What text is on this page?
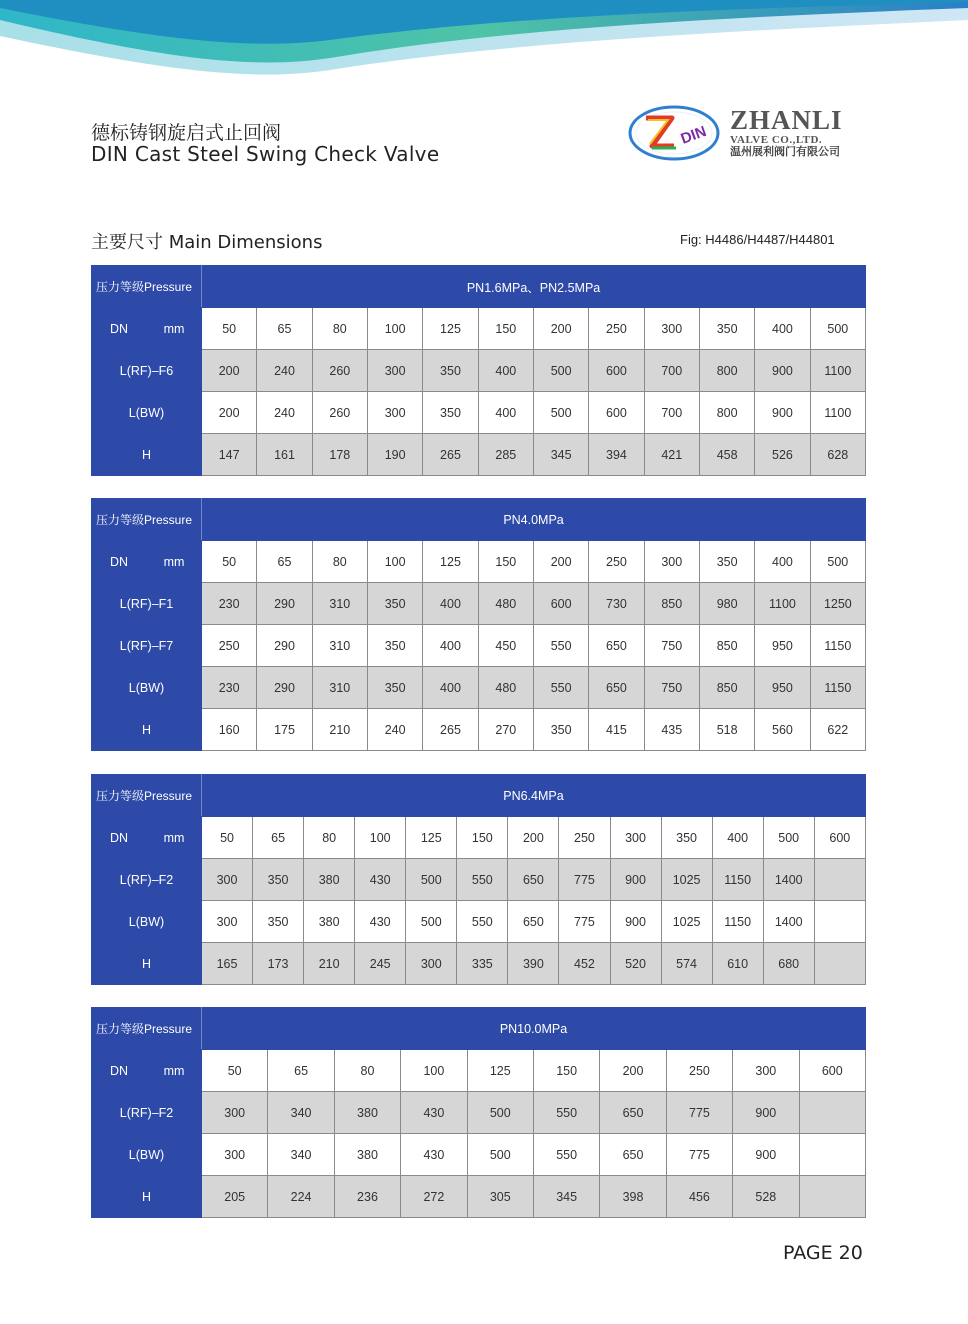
德标铸钢旋启式止回阀
DIN Cast Steel Swing Check Valve
DIN
ZHANLI
VALVE CO.,LTD.
温州展利阀门有限公司
主要尺寸 Main Dimensions	Fig: H4486/H4487/H44801
压力等级Pressure		PN1.6MPa、PN2.5MPa											
DN	mm	50	65	80	100	125	150	200	250	300	350	400	500
L(RF)–F6		200	240	260	300	350	400	500	600	700	800	900	1100
L(BW)		200	240	260	300	350	400	500	600	700	800	900	1100
H		147	161	178	190	265	285	345	394	421	458	526	628
压力等级Pressure		PN4.0MPa											
DN	mm	50	65	80	100	125	150	200	250	300	350	400	500
L(RF)–F1		230	290	310	350	400	480	600	730	850	980	1100	1250
L(RF)–F7		250	290	310	350	400	450	550	650	750	850	950	1150
L(BW)		230	290	310	350	400	480	550	650	750	850	950	1150
H		160	175	210	240	265	270	350	415	435	518	560	622
压力等级Pressure		PN6.4MPa												
DN	mm	50	65	80	100	125	150	200	250	300	350	400	500	600
L(RF)–F2		300	350	380	430	500	550	650	775	900	1025	1150	1400	
L(BW)		300	350	380	430	500	550	650	775	900	1025	1150	1400	
H		165	173	210	245	300	335	390	452	520	574	610	680	
压力等级Pressure		PN10.0MPa									
DN	mm	50	65	80	100	125	150	200	250	300	600
L(RF)–F2		300	340	380	430	500	550	650	775	900	
L(BW)		300	340	380	430	500	550	650	775	900	
H		205	224	236	272	305	345	398	456	528	
PAGE 20
